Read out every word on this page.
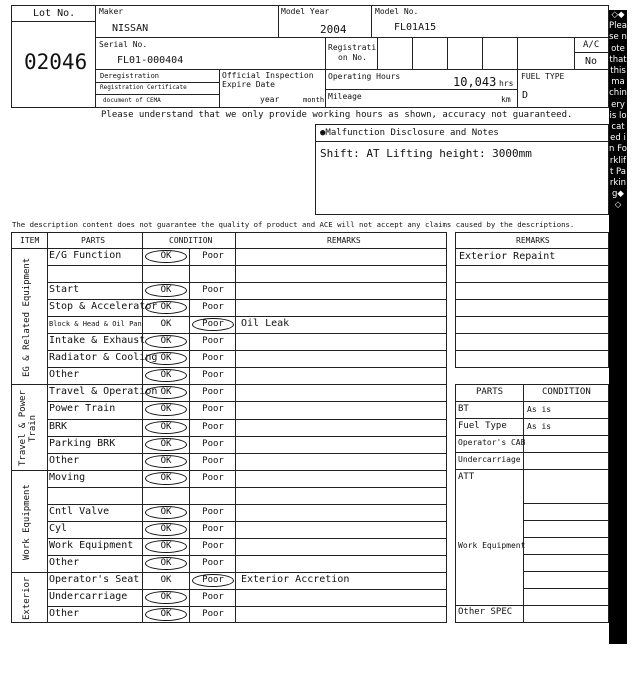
Lot No.
02046
Maker
NISSAN
Model Year
2004
Model No.
FL01A15
Serial No.
FL01-000404
Registrati
on No.
A/C
No
Deregistration
Registration Certificate
document of CEMA
Official Inspection
Expire Date
year	month
Operating Hours	10,043 hrs
Mileage	km
FUEL TYPE
D
Please understand that we only provide working hours as shown, accuracy not guaranteed.
●Malfunction Disclosure and Notes
Shift: AT Lifting height: 3000mm
The description content does not guarantee the quality of product and ACE will not accept any claims caused by the descriptions.
ITEM	PARTS	CONDITION	REMARKS
EG & Related Equipment
Travel & Power
Train
Work Equipment
Exterior
E/G Function	OK	Poor
Start	OK	Poor
Stop & Accelerator OK	Poor
Block & Head & Oil Pan	OK	Poor	Oil Leak
Intake & Exhaust	OK	Poor
Radiator & Cooling OK	Poor
Other	OK	Poor
Travel & Operation OK	Poor
Power Train	OK	Poor
BRK	OK	Poor
Parking BRK	OK	Poor
Other	OK	Poor
Moving	OK	Poor
Cntl Valve	OK	Poor
Cyl	OK	Poor
Work Equipment	OK	Poor
Other	OK	Poor
Operator's Seat	OK	Poor	Exterior Accretion
Undercarriage	OK	Poor
Other	OK	Poor
REMARKS
Exterior Repaint
PARTS	CONDITION
BT	As is
Fuel Type	As is
Operator's CAB
Undercarriage
ATT
Work Equipment
Other SPEC
◇◆Please note that this machinery is located in Forklift Parking◆◇
